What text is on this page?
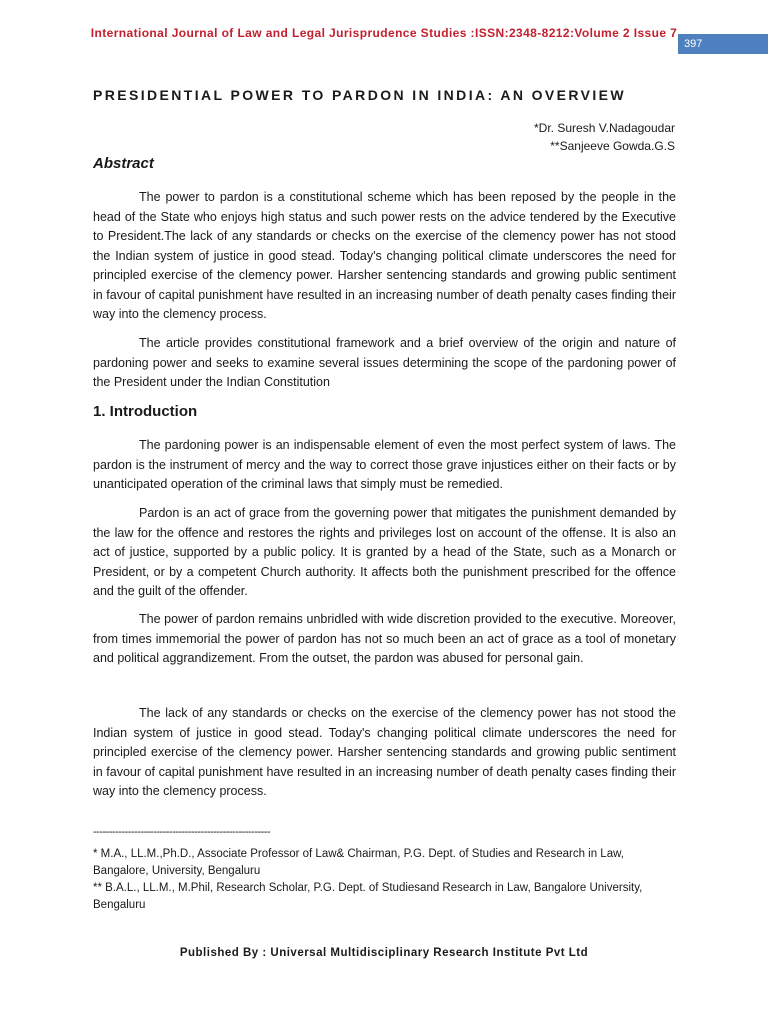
International Journal of Law and Legal Jurisprudence Studies :ISSN:2348-8212:Volume 2 Issue 7
397
PRESIDENTIAL POWER TO PARDON IN INDIA: AN OVERVIEW
*Dr. Suresh V.Nadagoudar
**Sanjeeve Gowda.G.S
Abstract
The power to pardon is a constitutional scheme which has been reposed by the people in the head of the State who enjoys high status and such power rests on the advice tendered by the Executive to President.The lack of any standards or checks on the exercise of the clemency power has not stood the Indian system of justice in good stead. Today's changing political climate underscores the need for principled exercise of the clemency power. Harsher sentencing standards and growing public sentiment in favour of capital punishment have resulted in an increasing number of death penalty cases finding their way into the clemency process.
The article provides constitutional framework and a brief overview of the origin and nature of pardoning power and seeks to examine several issues determining the scope of the pardoning power of the President under the Indian Constitution
1. Introduction
The pardoning power is an indispensable element of even the most perfect system of laws. The pardon is the instrument of mercy and the way to correct those grave injustices either on their facts or by unanticipated operation of the criminal laws that simply must be remedied.
Pardon is an act of grace from the governing power that mitigates the punishment demanded by the law for the offence and restores the rights and privileges lost on account of the offense. It is also an act of justice, supported by a public policy. It is granted by a head of the State, such as a Monarch or President, or by a competent Church authority. It affects both the punishment prescribed for the offence and the guilt of the offender.
The power of pardon remains unbridled with wide discretion provided to the executive. Moreover, from times immemorial the power of pardon has not so much been an act of grace as a tool of monetary and political aggrandizement. From the outset, the pardon was abused for personal gain.
The lack of any standards or checks on the exercise of the clemency power has not stood the Indian system of justice in good stead. Today's changing political climate underscores the need for principled exercise of the clemency power. Harsher sentencing standards and growing public sentiment in favour of capital punishment have resulted in an increasing number of death penalty cases finding their way into the clemency process.
--------------------------------------------------------
* M.A., LL.M.,Ph.D., Associate Professor of Law& Chairman, P.G. Dept. of Studies and Research in Law, Bangalore, University, Bengaluru
** B.A.L., LL.M., M.Phil, Research Scholar, P.G. Dept. of Studiesand Research in Law, Bangalore University, Bengaluru
Published By : Universal Multidisciplinary Research Institute Pvt Ltd
